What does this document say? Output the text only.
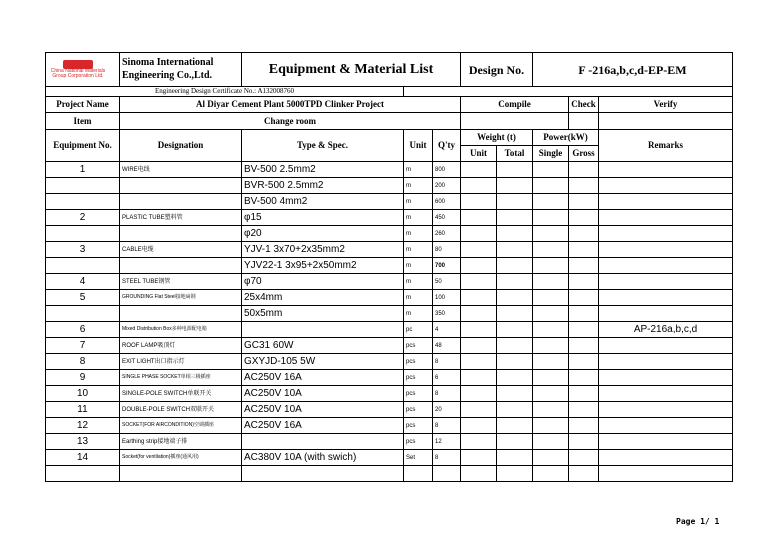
China National Materials Group Corporation Ltd.	Sinoma International Engineering Co.,Ltd.	Equipment & Material List			Design No.		F -216a,b,c,d-EP-EM		
Engineering Design Certificate No.: A132008760									
Project Name	Al Diyar Cement Plant 5000TPD Clinker Project				Compile			Check	Verify
Item	Change room								
Equipment No.	Designation	Type & Spec.	Unit	Q'ty	Weight (t)		Power(kW)		Remarks
					Unit	Total	Single	Gross	
1	WIRE电线	BV-500 2.5mm2	m	800					
		BVR-500 2.5mm2	m	200					
		BV-500 4mm2	m	600					
2	PLASTIC TUBE塑料管	φ15	m	450					
		φ20	m	260					
3	CABLE电缆	YJV-1 3x70+2x35mm2	m	80					
		YJV22-1 3x95+2x50mm2	m	700					
4	STEEL TUBE钢管	φ70	m	50					
5	GROUNDING Flat Steel接地扁钢	25x4mm	m	100					
		50x5mm	m	350					
6	Mixed Distribution Box多种电源配电箱		pc	4					AP-216a,b,c,d
7	ROOF LAMP吸顶灯	GC31 60W	pcs	48					
8	EXIT LIGHT出口指示灯	GXYJD-105 5W	pcs	8					
9	SINGLE PHASE SOCKET单相三极插座	AC250V 16A	pcs	6					
10	SINGLE-POLE SWITCH单联开关	AC250V 10A	pcs	8					
11	DOUBLE-POLE SWITCH双联开关	AC250V 10A	pcs	20					
12	SOCKET(FOR AIRCONDITION)空调插座	AC250V 16A	pcs	8					
13	Earthing strip接地端子排		pcs	12					
14	Socket(for ventilation)插座(通风用)	AC380V 10A (with swich)	Set	8					

Page 1/ 1
